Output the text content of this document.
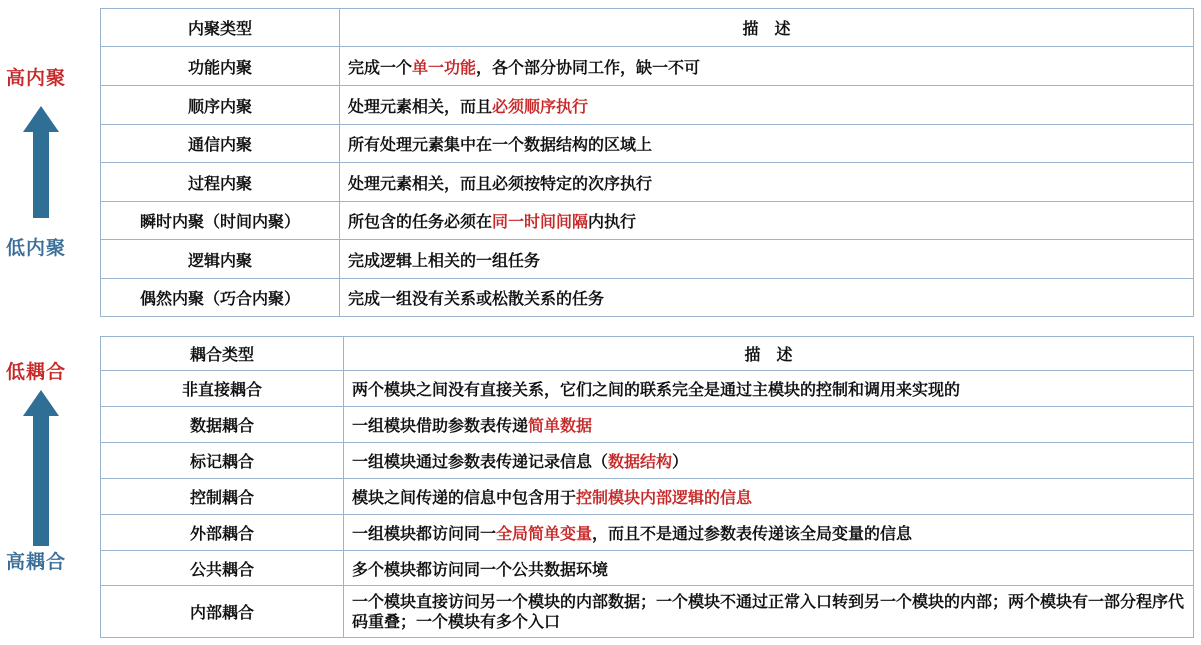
高内聚
低内聚
低耦合
高耦合
内聚类型	描　述
功能内聚	完成一个单一功能，各个部分协同工作，缺一不可
顺序内聚	处理元素相关，而且必须顺序执行
通信内聚	所有处理元素集中在一个数据结构的区域上
过程内聚	处理元素相关，而且必须按特定的次序执行
瞬时内聚（时间内聚）	所包含的任务必须在同一时间间隔内执行
逻辑内聚	完成逻辑上相关的一组任务
偶然内聚（巧合内聚）	完成一组没有关系或松散关系的任务
耦合类型	描　述
非直接耦合	两个模块之间没有直接关系，它们之间的联系完全是通过主模块的控制和调用来实现的
数据耦合	一组模块借助参数表传递简单数据
标记耦合	一组模块通过参数表传递记录信息（数据结构）
控制耦合	模块之间传递的信息中包含用于控制模块内部逻辑的信息
外部耦合	一组模块都访问同一全局简单变量，而且不是通过参数表传递该全局变量的信息
公共耦合	多个模块都访问同一个公共数据环境
内部耦合	一个模块直接访问另一个模块的内部数据；一个模块不通过正常入口转到另一个模块的内部；两个模块有一部分程序代码重叠；一个模块有多个入口
